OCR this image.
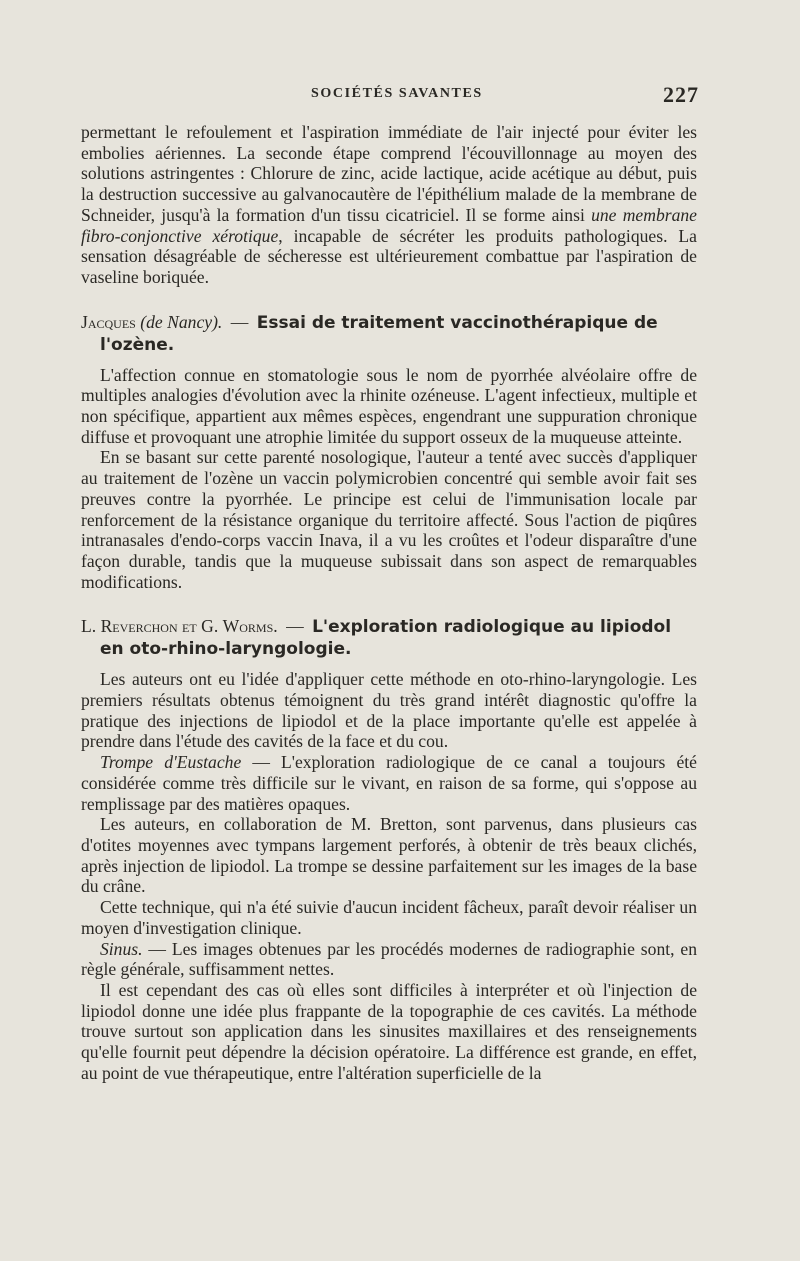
SOCIÉTÉS SAVANTES	227

permettant le refoulement et l'aspiration immédiate de l'air injecté pour éviter les embolies aériennes. La seconde étape comprend l'écouvillonnage au moyen des solutions astringentes : Chlorure de zinc, acide lactique, acide acétique au début, puis la destruction successive au galvanocautère de l'épithélium malade de la membrane de Schneider, jusqu'à la formation d'un tissu cicatriciel. Il se forme ainsi une membrane fibro-conjonctive xérotique, incapable de sécréter les produits pathologiques. La sensation désagréable de sécheresse est ultérieurement combattue par l'aspiration de vaseline boriquée.

Jacques (de Nancy). — Essai de traitement vaccinothérapique de l'ozène.

L'affection connue en stomatologie sous le nom de pyorrhée alvéolaire offre de multiples analogies d'évolution avec la rhinite ozéneuse. L'agent infectieux, multiple et non spécifique, appartient aux mêmes espèces, engendrant une suppuration chronique diffuse et provoquant une atrophie limitée du support osseux de la muqueuse atteinte.

En se basant sur cette parenté nosologique, l'auteur a tenté avec succès d'appliquer au traitement de l'ozène un vaccin polymicrobien concentré qui semble avoir fait ses preuves contre la pyorrhée. Le principe est celui de l'immunisation locale par renforcement de la résistance organique du territoire affecté. Sous l'action de piqûres intranasales d'endo-corps vaccin Inava, il a vu les croûtes et l'odeur disparaître d'une façon durable, tandis que la muqueuse subissait dans son aspect de remarquables modifications.

L. Reverchon et G. Worms. — L'exploration radiologique au lipiodol en oto-rhino-laryngologie.

Les auteurs ont eu l'idée d'appliquer cette méthode en oto-rhino-laryngologie. Les premiers résultats obtenus témoignent du très grand intérêt diagnostic qu'offre la pratique des injections de lipiodol et de la place importante qu'elle est appelée à prendre dans l'étude des cavités de la face et du cou.

Trompe d'Eustache — L'exploration radiologique de ce canal a toujours été considérée comme très difficile sur le vivant, en raison de sa forme, qui s'oppose au remplissage par des matières opaques.

Les auteurs, en collaboration de M. Bretton, sont parvenus, dans plusieurs cas d'otites moyennes avec tympans largement perforés, à obtenir de très beaux clichés, après injection de lipiodol. La trompe se dessine parfaitement sur les images de la base du crâne.

Cette technique, qui n'a été suivie d'aucun incident fâcheux, paraît devoir réaliser un moyen d'investigation clinique.

Sinus. — Les images obtenues par les procédés modernes de radiographie sont, en règle générale, suffisamment nettes.

Il est cependant des cas où elles sont difficiles à interpréter et où l'injection de lipiodol donne une idée plus frappante de la topographie de ces cavités. La méthode trouve surtout son application dans les sinusites maxillaires et des renseignements qu'elle fournit peut dépendre la décision opératoire. La différence est grande, en effet, au point de vue thérapeutique, entre l'altération superficielle de la
